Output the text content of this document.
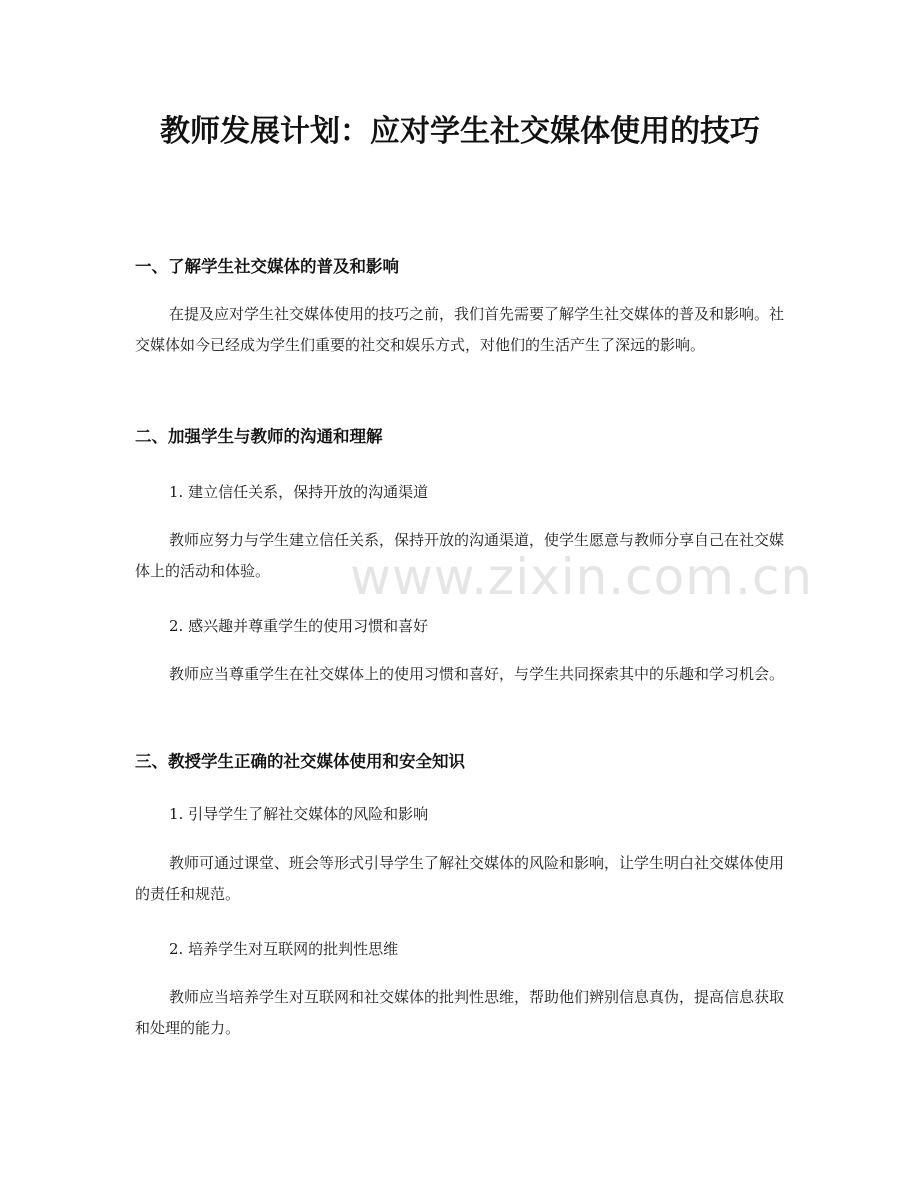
教师发展计划：应对学生社交媒体使用的技巧
一、了解学生社交媒体的普及和影响

在提及应对学生社交媒体使用的技巧之前，我们首先需要了解学生社交媒体的普及和影响。社交媒体如今已经成为学生们重要的社交和娱乐方式，对他们的生活产生了深远的影响。

二、加强学生与教师的沟通和理解

1. 建立信任关系，保持开放的沟通渠道

教师应努力与学生建立信任关系，保持开放的沟通渠道，使学生愿意与教师分享自己在社交媒体上的活动和体验。

2. 感兴趣并尊重学生的使用习惯和喜好

教师应当尊重学生在社交媒体上的使用习惯和喜好，与学生共同探索其中的乐趣和学习机会。

三、教授学生正确的社交媒体使用和安全知识

1. 引导学生了解社交媒体的风险和影响

教师可通过课堂、班会等形式引导学生了解社交媒体的风险和影响，让学生明白社交媒体使用的责任和规范。

2. 培养学生对互联网的批判性思维

教师应当培养学生对互联网和社交媒体的批判性思维，帮助他们辨别信息真伪，提高信息获取和处理的能力。

www.zixin.com.cn
